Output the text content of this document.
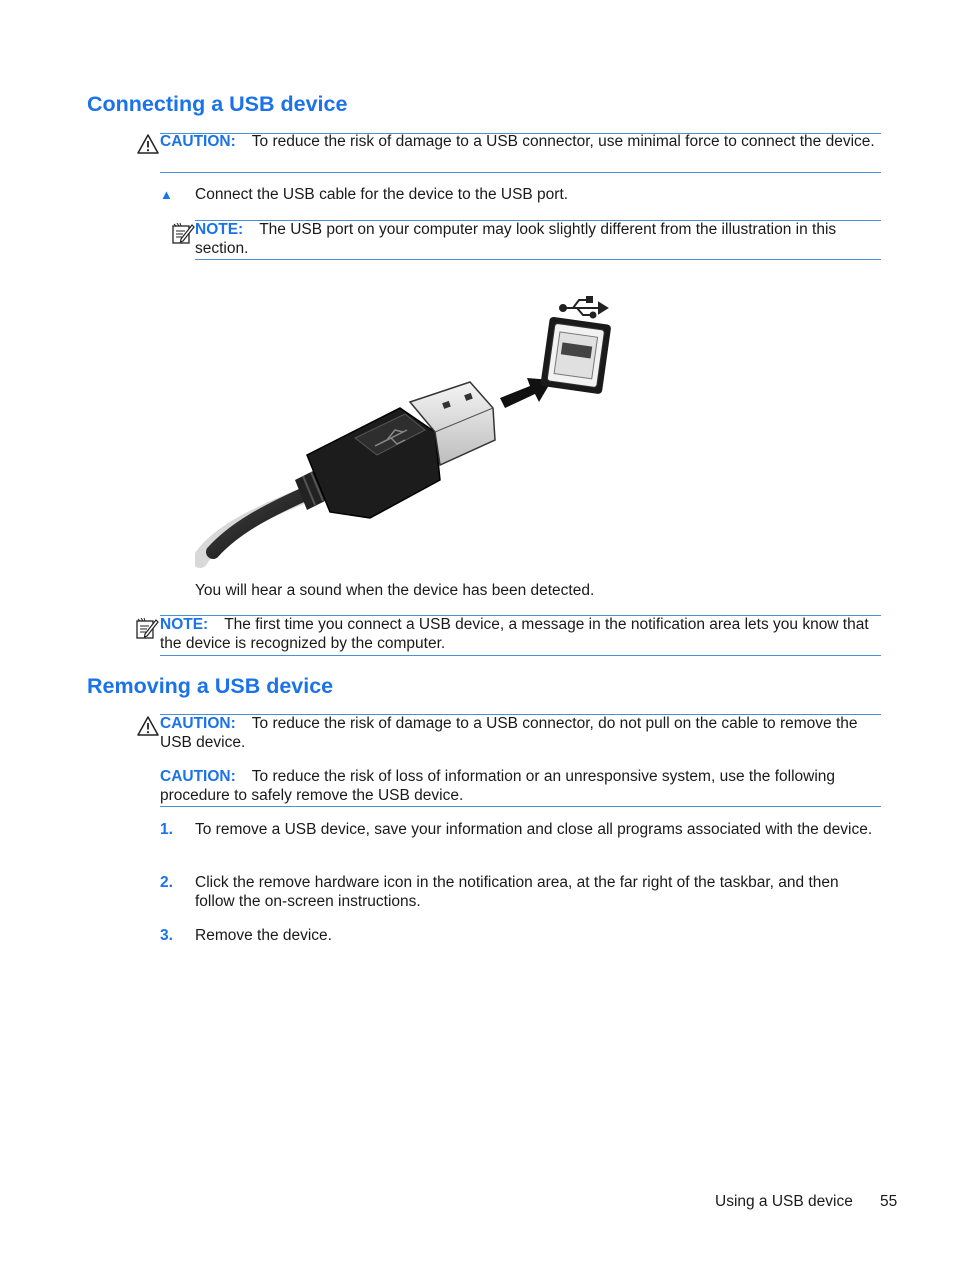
Connecting a USB device
CAUTION: To reduce the risk of damage to a USB connector, use minimal force to connect the device.
▲ Connect the USB cable for the device to the USB port.
NOTE: The USB port on your computer may look slightly different from the illustration in this section.
You will hear a sound when the device has been detected.
NOTE: The first time you connect a USB device, a message in the notification area lets you know that the device is recognized by the computer.
Removing a USB device
CAUTION: To reduce the risk of damage to a USB connector, do not pull on the cable to remove the USB device.
CAUTION: To reduce the risk of loss of information or an unresponsive system, use the following procedure to safely remove the USB device.
1. To remove a USB device, save your information and close all programs associated with the device.
2. Click the remove hardware icon in the notification area, at the far right of the taskbar, and then follow the on-screen instructions.
3. Remove the device.
Using a USB device 55
